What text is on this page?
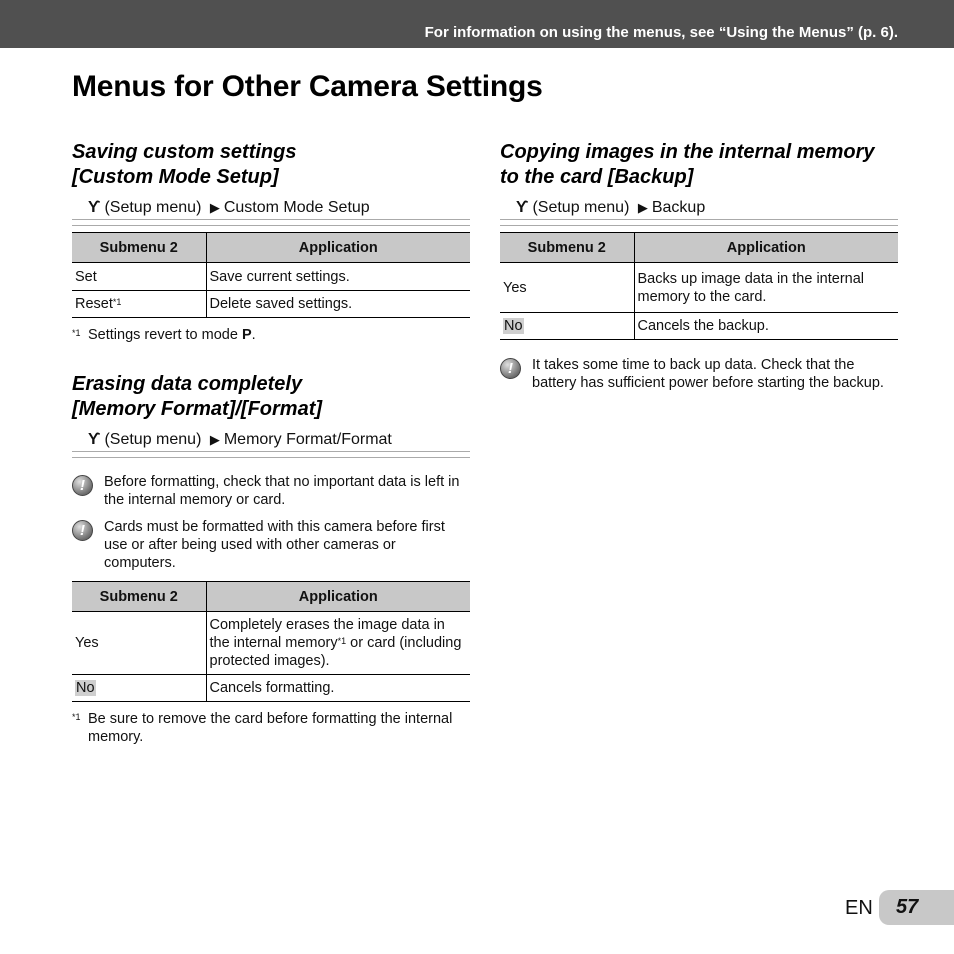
For information on using the menus, see “Using the Menus” (p. 6).
Menus for Other Camera Settings
Saving custom settings
[Custom Mode Setup]
ϒ (Setup menu) ▶ Custom Mode Setup
Submenu 2	Application
Set	Save current settings.
Reset$^{*1}$	Delete saved settings.
*1 Settings revert to mode P.
Erasing data completely
[Memory Format]/[Format]
ϒ (Setup menu) ▶ Memory Format/Format
!	Before formatting, check that no important data is left in the internal memory or card.
!	Cards must be formatted with this camera before first use or after being used with other cameras or computers.
Submenu 2	Application
Yes	Completely erases the image data in the internal memory$^{*1}$ or card (including protected images).
No	Cancels formatting.
*1 Be sure to remove the card before formatting the internal memory.
Copying images in the internal memory
to the card [Backup]
ϒ (Setup menu) ▶ Backup
Submenu 2	Application
Yes	Backs up image data in the internal memory to the card.
No	Cancels the backup.
!	It takes some time to back up data. Check that the battery has sufficient power before starting the backup.
EN 57
